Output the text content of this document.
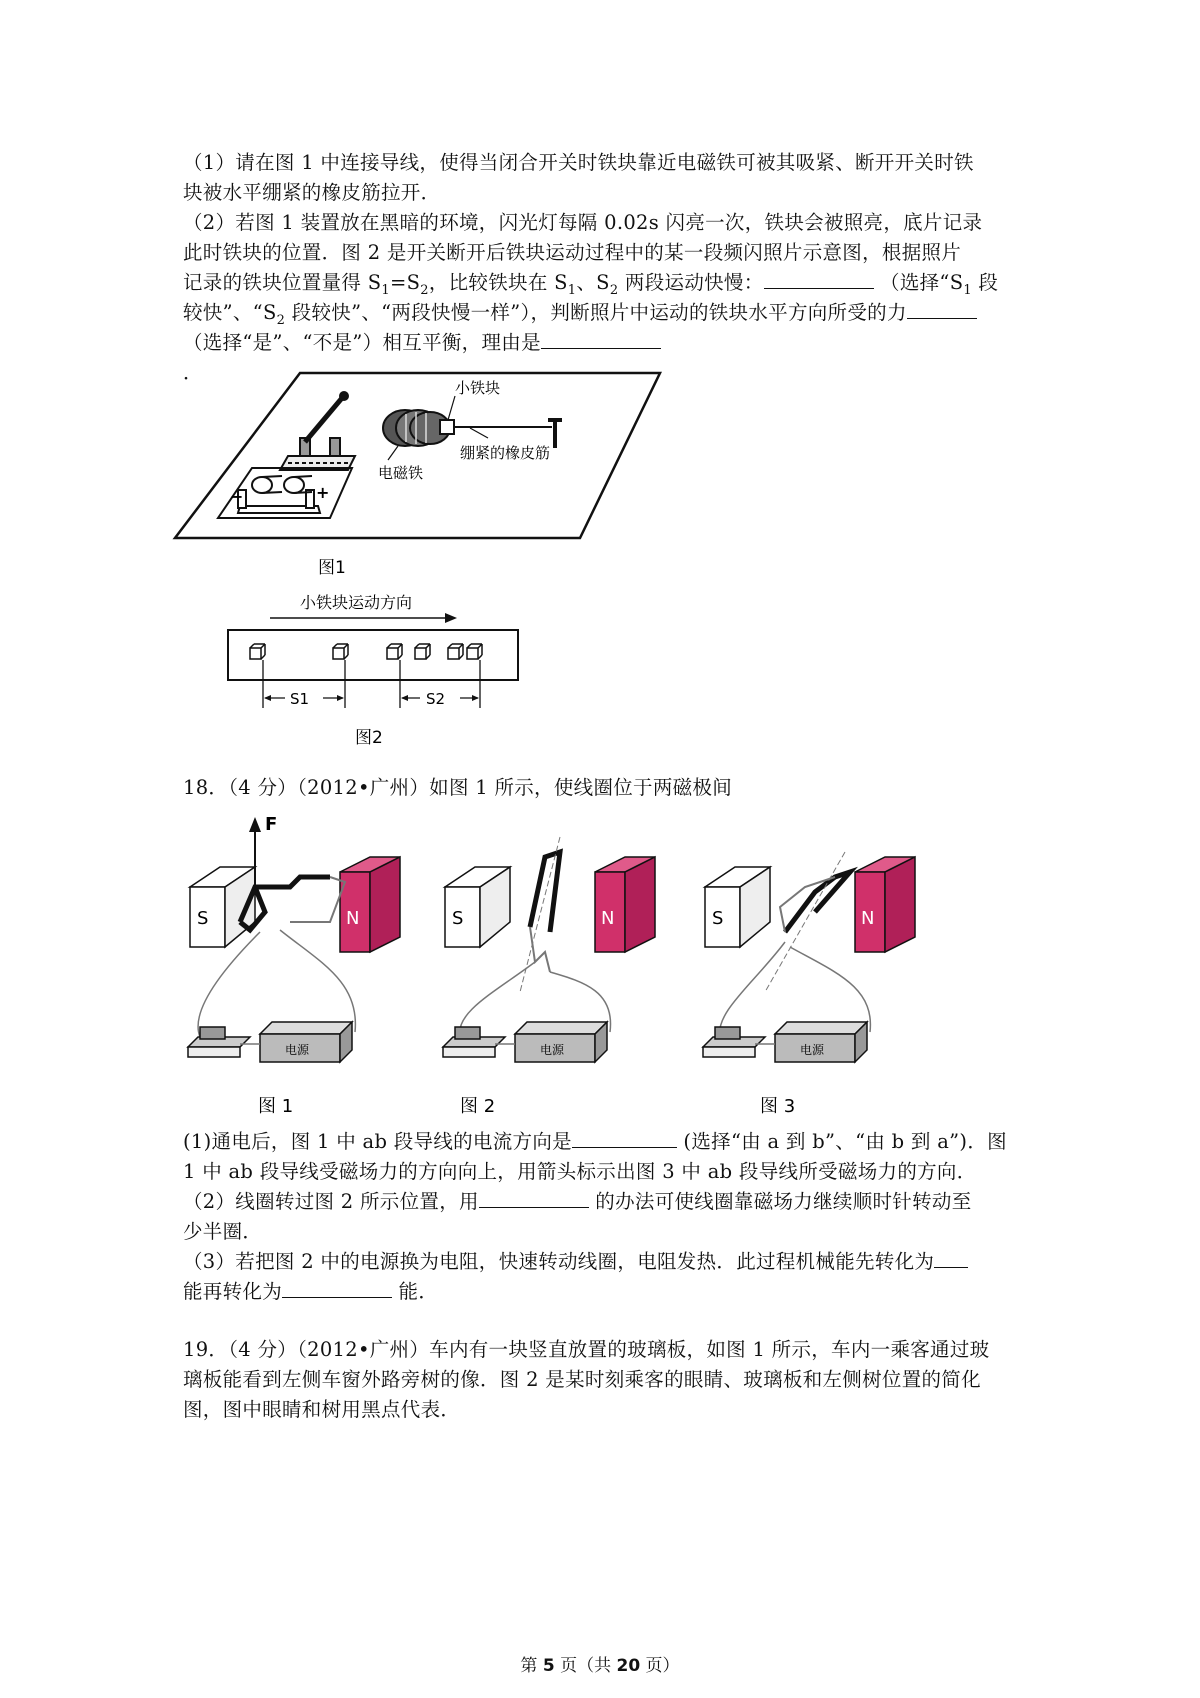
（1）请在图 1 中连接导线，使得当闭合开关时铁块靠近电磁铁可被其吸紧、断开开关时铁
块被水平绷紧的橡皮筋拉开．
（2）若图 1 装置放在黑暗的环境，闪光灯每隔 0.02s 闪亮一次，铁块会被照亮，底片记录
此时铁块的位置．图 2 是开关断开后铁块运动过程中的某一段频闪照片示意图，根据照片
记录的铁块位置量得 $S_1=S_2$，比较铁块在 $S_1$、$S_2$ 两段运动快慢：	（选择“$S_1$ 段
较快”、“$S_2$ 段较快”、“两段快慢一样”），判断照片中运动的铁块水平方向所受的力
（选择“是”、“不是”）相互平衡，理由是
．
−	+
小铁块
绷紧的橡皮筋
电磁铁
图1
小铁块运动方向
S1	S2
图2
18．（4 分）（2012•广州）如图 1 所示，使线圈位于两磁极间
S	N
F
电源
图 1
S	N
电源
图 2
S	N
电源
图 3
(1)通电后，图 1 中 ab 段导线的电流方向是	(选择“由 a 到 b”、“由 b 到 a”)．图
1 中 ab 段导线受磁场力的方向向上，用箭头标示出图 3 中 ab 段导线所受磁场力的方向．
（2）线圈转过图 2 所示位置，用	的办法可使线圈靠磁场力继续顺时针转动至
少半圈．
（3）若把图 2 中的电源换为电阻，快速转动线圈，电阻发热．此过程机械能先转化为
能再转化为	能．
19．（4 分）（2012•广州）车内有一块竖直放置的玻璃板，如图 1 所示，车内一乘客通过玻
璃板能看到左侧车窗外路旁树的像．图 2 是某时刻乘客的眼睛、玻璃板和左侧树位置的简化
图，图中眼睛和树用黑点代表．
第 5 页（共 20 页）
